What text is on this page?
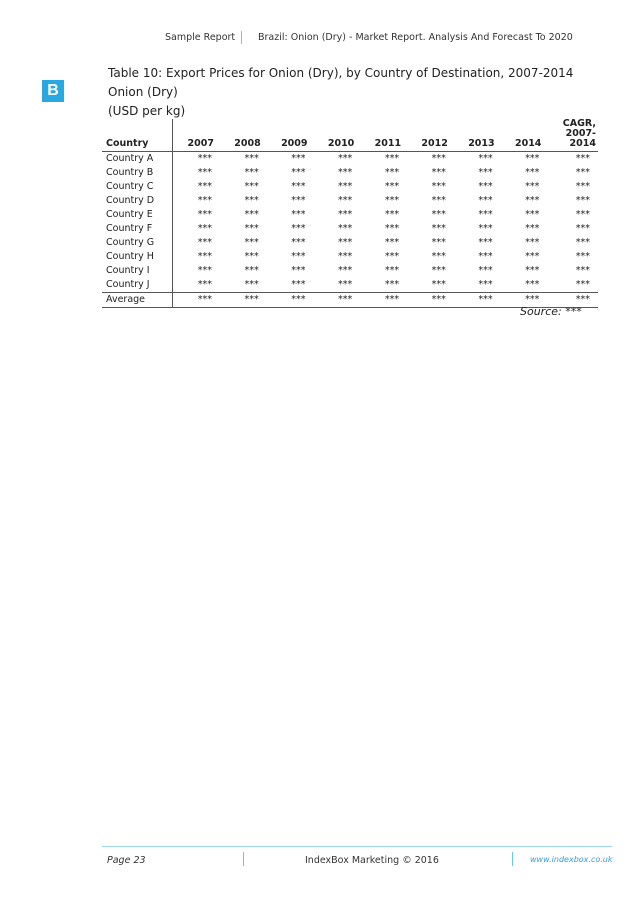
Sample Report Brazil: Onion (Dry) - Market Report. Analysis And Forecast To 2020
B
Table 10: Export Prices for Onion (Dry), by Country of Destination, 2007-2014
Onion (Dry)
(USD per kg)
Country	2007	2008	2009	2010	2011	2012	2013	2014	CAGR,
2007-
2014
Country A	***	***	***	***	***	***	***	***	***
Country B	***	***	***	***	***	***	***	***	***
Country C	***	***	***	***	***	***	***	***	***
Country D	***	***	***	***	***	***	***	***	***
Country E	***	***	***	***	***	***	***	***	***
Country F	***	***	***	***	***	***	***	***	***
Country G	***	***	***	***	***	***	***	***	***
Country H	***	***	***	***	***	***	***	***	***
Country I	***	***	***	***	***	***	***	***	***
Country J	***	***	***	***	***	***	***	***	***
Average	***	***	***	***	***	***	***	***	***
Source: ***
Page 23	IndexBox Marketing © 2016	www.indexbox.co.uk
